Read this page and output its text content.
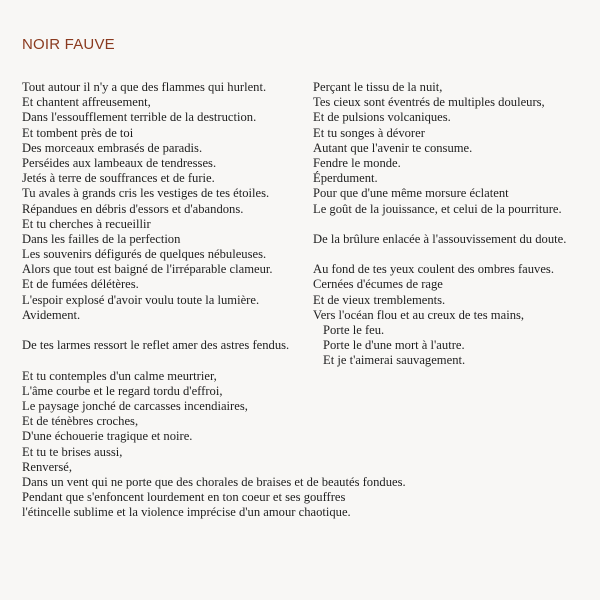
NOIR FAUVE
Tout autour il n'y a que des flammes qui hurlent.
Et chantent affreusement,
Dans l'essoufflement terrible de la destruction.
Et tombent près de toi
Des morceaux embrasés de paradis.
Perséides aux lambeaux de tendresses.
Jetés à terre de souffrances et de furie.
Tu avales à grands cris les vestiges de tes étoiles.
Répandues en débris d'essors et d'abandons.
Et tu cherches à recueillir
Dans les failles de la perfection
Les souvenirs défigurés de quelques nébuleuses.
Alors que tout est baigné de l'irréparable clameur.
Et de fumées délétères.
L'espoir explosé d'avoir voulu toute la lumière.
Avidement.
De tes larmes ressort le reflet amer des astres fendus.
Et tu contemples d'un calme meurtrier,
L'âme courbe et le regard tordu d'effroi,
Le paysage jonché de carcasses incendiaires,
Et de ténèbres croches,
D'une échouerie tragique et noire.
Et tu te brises aussi,
Renversé,
Dans un vent qui ne porte que des chorales de braises et de beautés fondues.
Pendant que s'enfoncent lourdement en ton coeur et ses gouffres
l'étincelle sublime et la violence imprécise d'un amour chaotique.
Perçant le tissu de la nuit,
Tes cieux sont éventrés de multiples douleurs,
Et de pulsions volcaniques.
Et tu songes à dévorer
Autant que l'avenir te consume.
Fendre le monde.
Éperdument.
Pour que d'une même morsure éclatent
Le goût de la jouissance, et celui de la pourriture.
De la brûlure enlacée à l'assouvissement du doute.
Au fond de tes yeux coulent des ombres fauves.
Cernées d'écumes de rage
Et de vieux tremblements.
Vers l'océan flou et au creux de tes mains,
Porte le feu.
Porte le d'une mort à l'autre.
Et je t'aimerai sauvagement.
